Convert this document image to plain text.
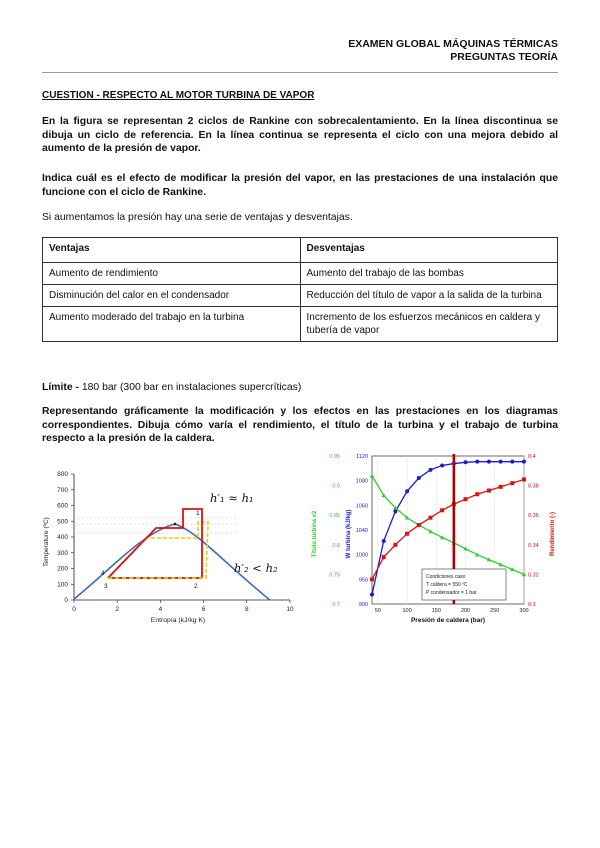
EXAMEN GLOBAL MÁQUINAS TÉRMICAS
PREGUNTAS TEORÍA
CUESTION - RESPECTO AL MOTOR TURBINA DE VAPOR
En la figura se representan 2 ciclos de Rankine con sobrecalentamiento. En la línea discontinua se dibuja un ciclo de referencia. En la línea continua se representa el ciclo con una mejora debido al aumento de la presión de vapor.
Indica cuál es el efecto de modificar la presión del vapor, en las prestaciones de una instalación que funcione con el ciclo de Rankine.
Si aumentamos la presión hay una serie de ventajas y desventajas.
Ventajas	Desventajas
Aumento de rendimiento	Aumento del trabajo de las bombas
Disminución del calor en el condensador	Reducción del título de vapor a la salida de la turbina
Aumento moderado del trabajo en la turbina	Incremento de los esfuerzos mecánicos en caldera y tubería de vapor
Límite - 180 bar (300 bar en instalaciones supercríticas)
Representando gráficamente la modificación y los efectos en las prestaciones en los diagramas correspondientes. Dibuja cómo varía el rendimiento, el título de la turbina y el trabajo de turbina respecto a la presión de la caldera.
0
100
200
300
400
500
600
700
800
0	2	4	6	8	10
Temperature (ºC)
Entropía (kJ/kg K)
1
2
3
4
h′₁ ≈ h₁
h′₂ < h₂
50	100	150	200	250	300
900
950
1000
1040
1060
1080
1120
0.7
0.75
0.8
0.85
0.9
0.95
0.3
0.32
0.34
0.36
0.38
0.4
Título turbina x2	W turbina (kJ/kg)	Rendimiento (-)
Presión de caldera (bar)
Condiciones caso
T caldera = 550 ºC
P condensador = 1 bar
